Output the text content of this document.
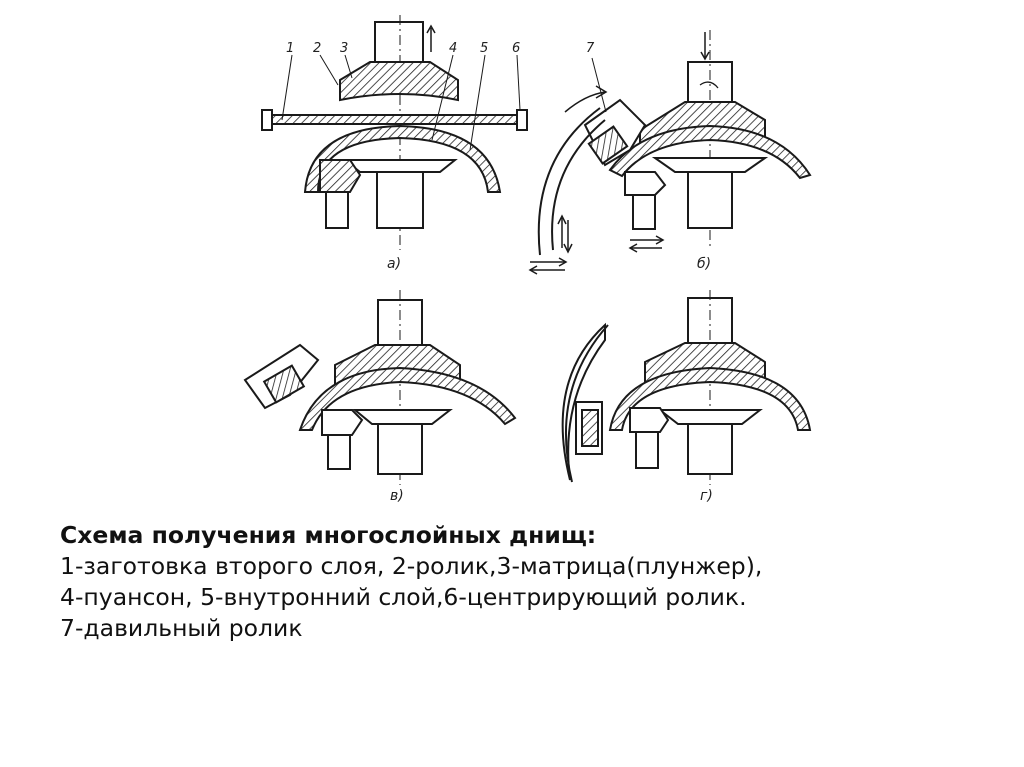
1 2 3	4 5 6	7
а)	б)
в)	г)
Схема получения многослойных днищ:
1-заготовка второго слоя, 2-ролик,3-матрица(плунжер),
4-пуансон, 5-внутронний слой,6-центрирующий ролик.
7-давильный ролик
